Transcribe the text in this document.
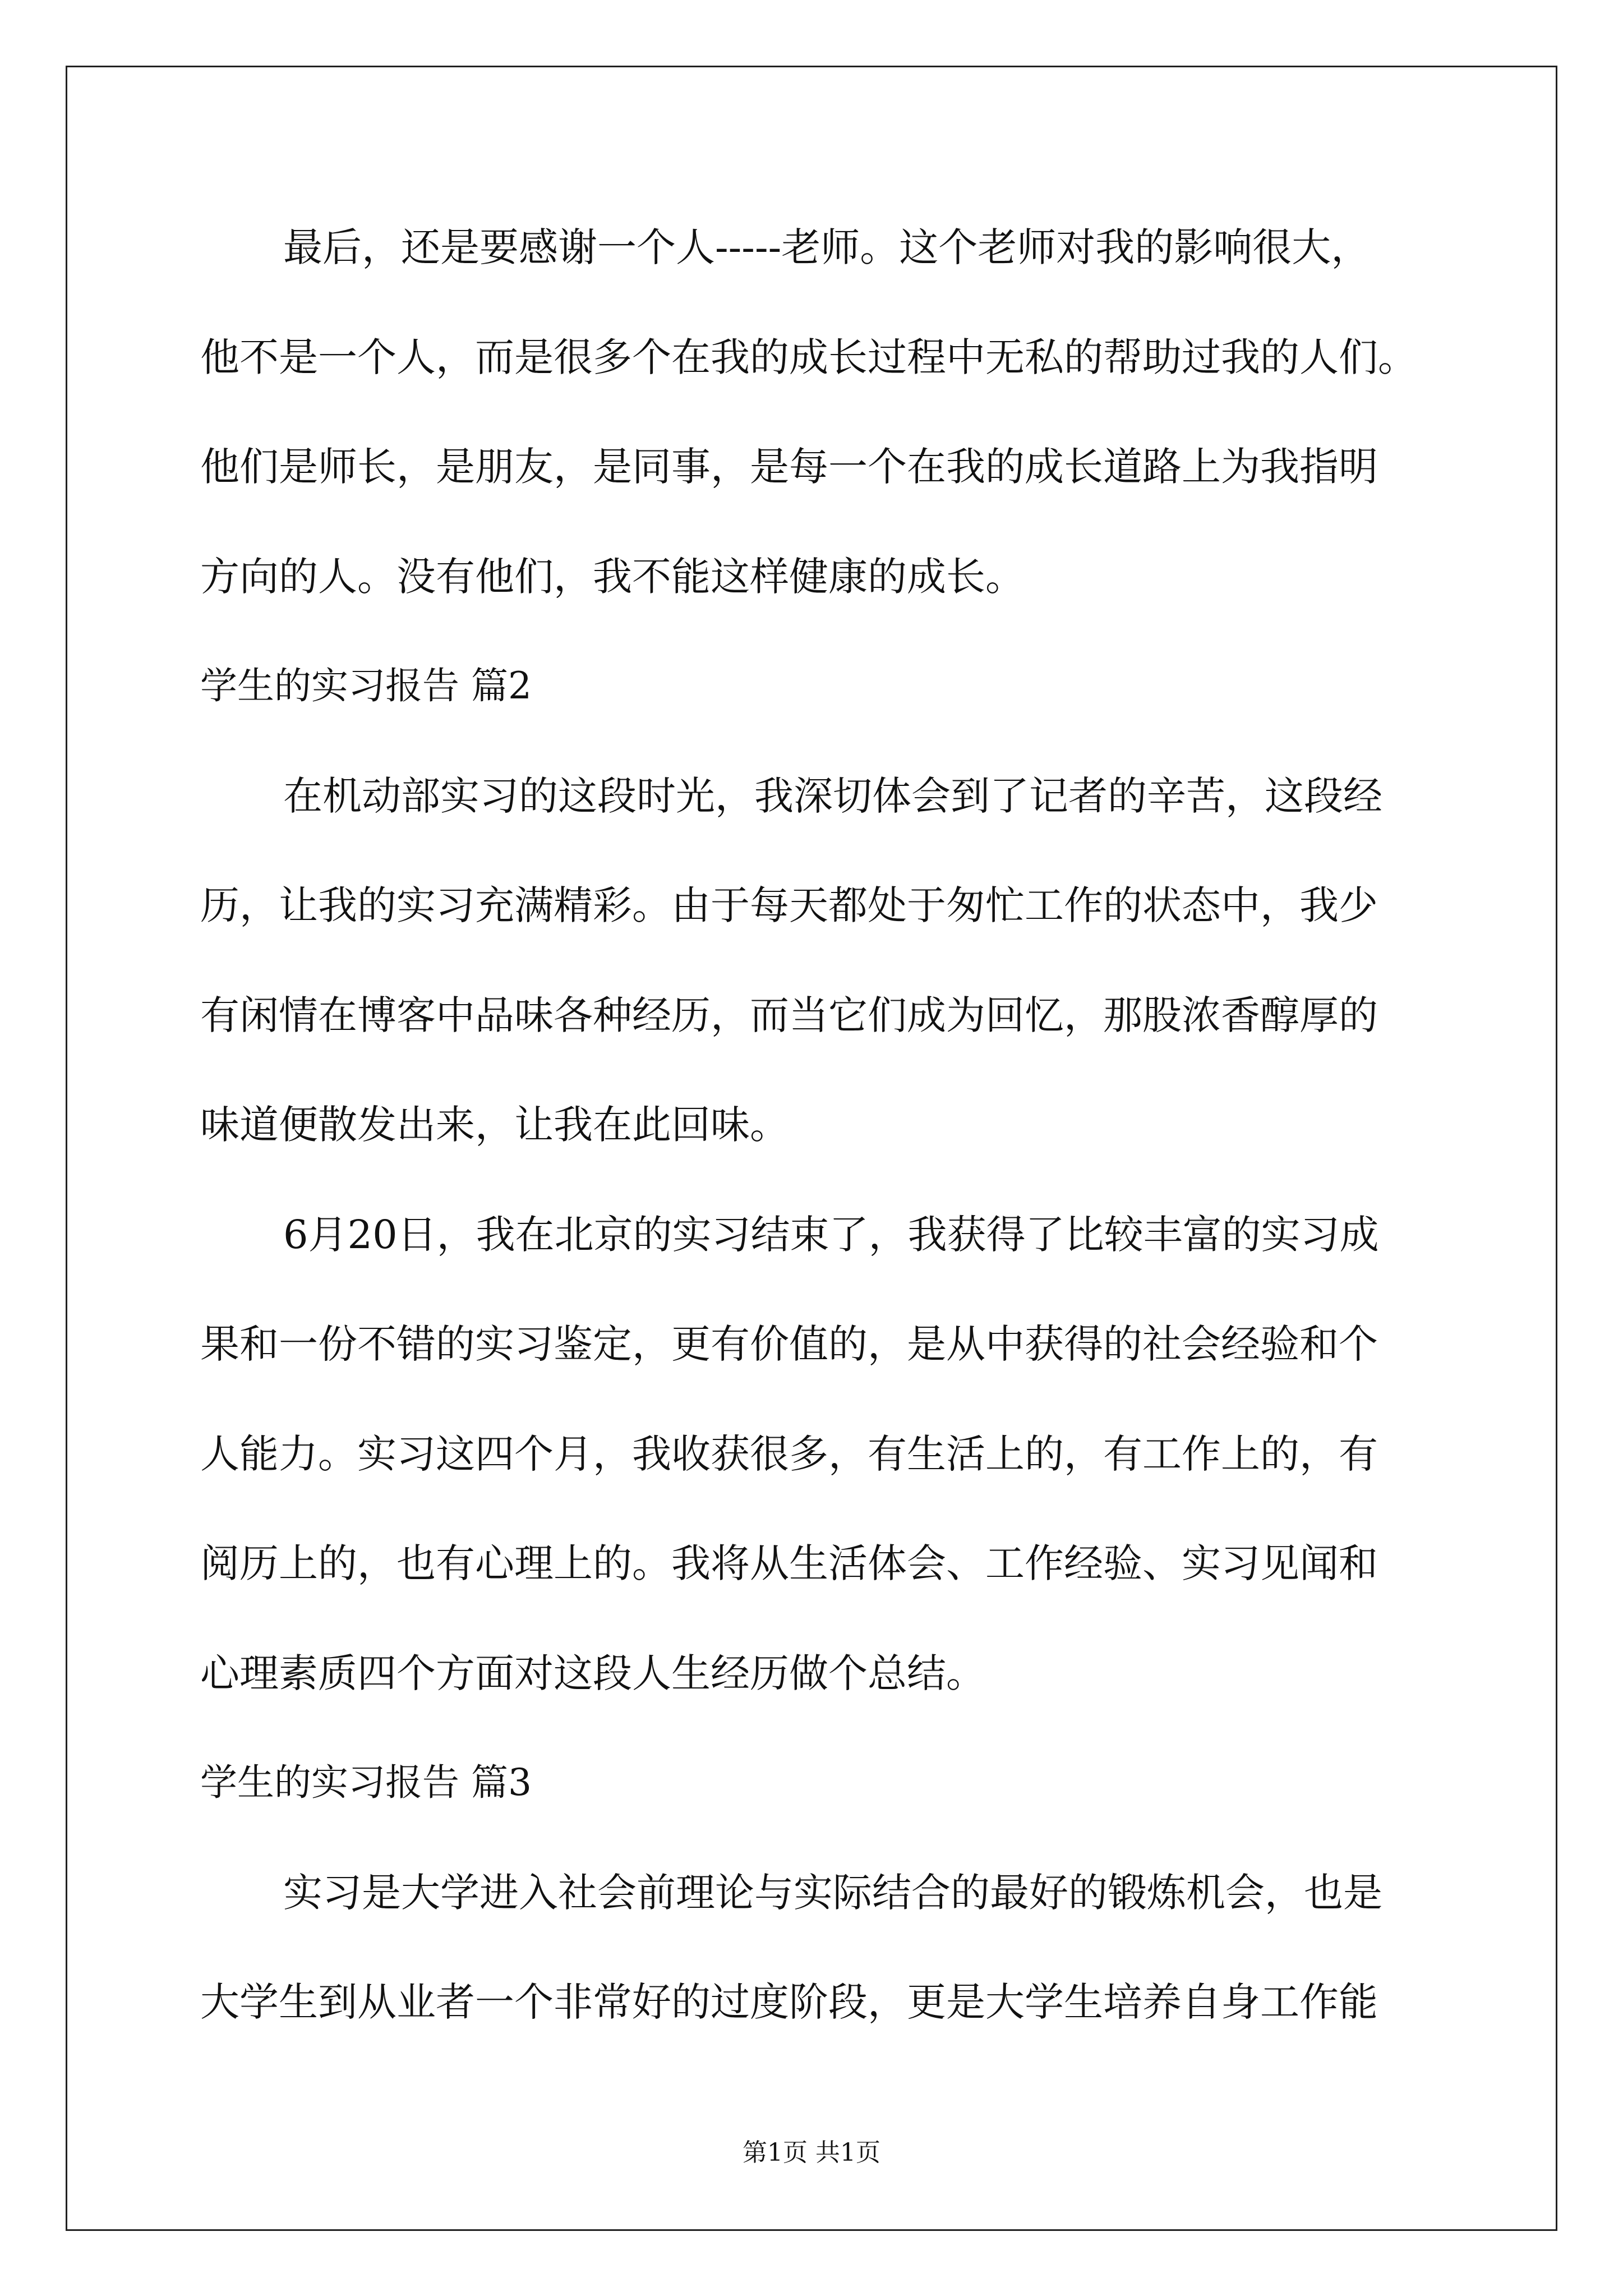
最后，还是要感谢一个人-----老师。这个老师对我的影响很大，
他不是一个人，而是很多个在我的成长过程中无私的帮助过我的人们。
他们是师长，是朋友，是同事，是每一个在我的成长道路上为我指明
方向的人。没有他们，我不能这样健康的成长。
学生的实习报告 篇2
在机动部实习的这段时光，我深切体会到了记者的辛苦，这段经
历，让我的实习充满精彩。由于每天都处于匆忙工作的状态中，我少
有闲情在博客中品味各种经历，而当它们成为回忆，那股浓香醇厚的
味道便散发出来，让我在此回味。
6月20日，我在北京的实习结束了，我获得了比较丰富的实习成
果和一份不错的实习鉴定，更有价值的，是从中获得的社会经验和个
人能力。实习这四个月，我收获很多，有生活上的，有工作上的，有
阅历上的，也有心理上的。我将从生活体会、工作经验、实习见闻和
心理素质四个方面对这段人生经历做个总结。
学生的实习报告 篇3
实习是大学进入社会前理论与实际结合的最好的锻炼机会，也是
大学生到从业者一个非常好的过度阶段，更是大学生培养自身工作能
第1页 共1页
